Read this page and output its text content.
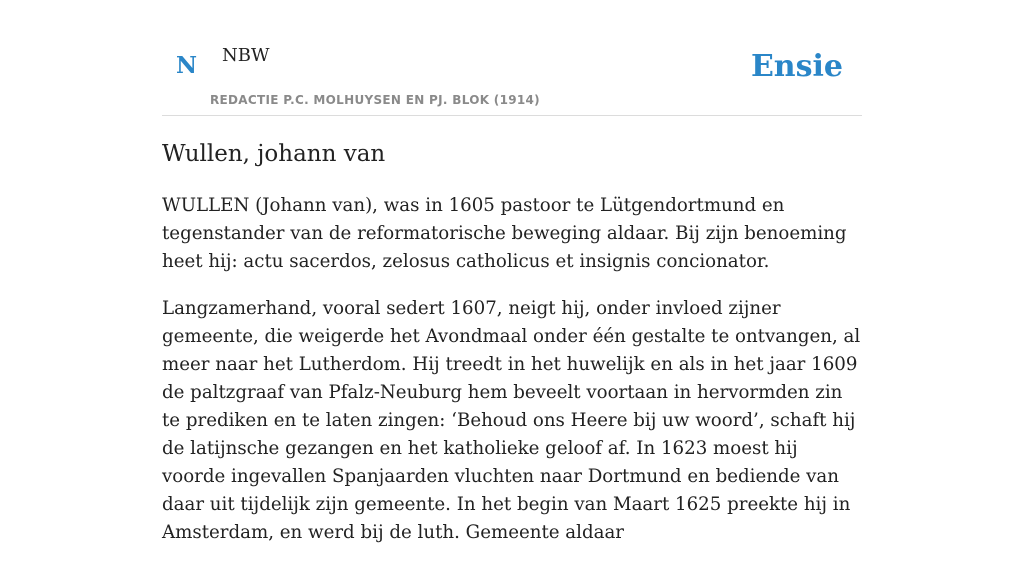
N NBW
REDACTIE P.C. MOLHUYSEN EN PJ. BLOK (1914)
Ensie
Wullen, johann van

WULLEN (Johann van), was in 1605 pastoor te Lütgendortmund en tegenstander van de reformatorische beweging aldaar. Bij zijn benoeming heet hij: actu sacerdos, zelosus catholicus et insignis concionator.

Langzamerhand, vooral sedert 1607, neigt hij, onder invloed zijner gemeente, die weigerde het Avondmaal onder één gestalte te ontvangen, al meer naar het Lutherdom. Hij treedt in het huwelijk en als in het jaar 1609 de paltzgraaf van Pfalz-Neuburg hem beveelt voortaan in hervormden zin te prediken en te laten zingen: ‘Behoud ons Heere bij uw woord’, schaft hij de latijnsche gezangen en het katholieke geloof af. In 1623 moest hij voorde ingevallen Spanjaarden vluchten naar Dortmund en bediende van daar uit tijdelijk zijn gemeente. In het begin van Maart 1625 preekte hij in Amsterdam, en werd bij de luth. Gemeente aldaar
